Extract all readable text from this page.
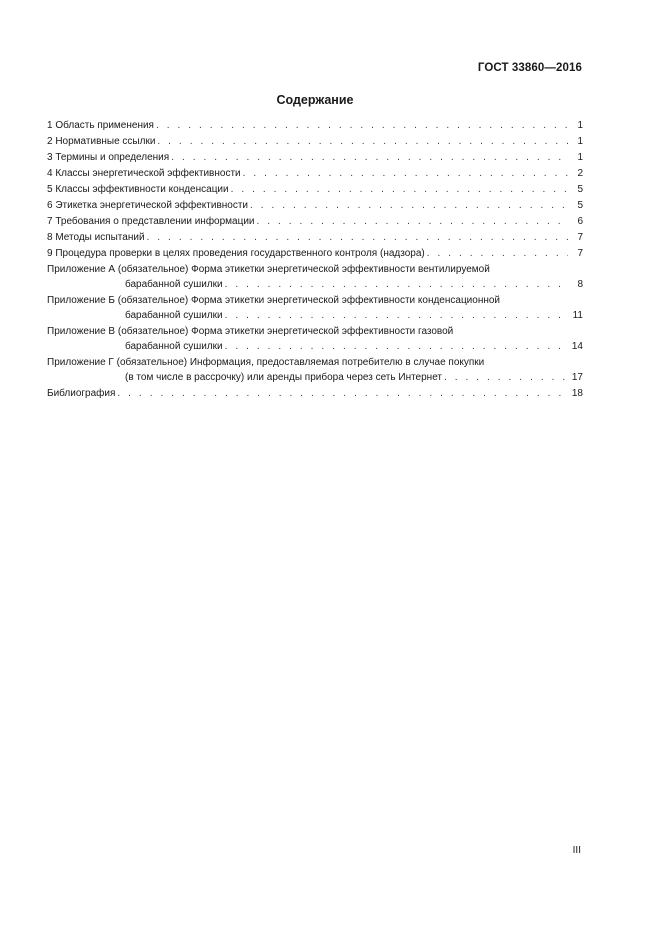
ГОСТ 33860—2016
Содержание
1 Область применения . . .	1
2 Нормативные ссылки . . .	1
3 Термины и определения . . .	1
4 Классы энергетической эффективности . . .	2
5 Классы эффективности конденсации . . .	5
6 Этикетка энергетической эффективности . . .	5
7 Требования о представлении информации . . .	6
8 Методы испытаний . . .	7
9 Процедура проверки в целях проведения государственного контроля (надзора) . . .	7
Приложение А (обязательное) Форма этикетки энергетической эффективности вентилируемой
барабанной сушилки . . .	8
Приложение Б (обязательное) Форма этикетки энергетической эффективности конденсационной
барабанной сушилки . . .	11
Приложение В (обязательное) Форма этикетки энергетической эффективности газовой
барабанной сушилки . . .	14
Приложение Г (обязательное) Информация, предоставляемая потребителю в случае покупки
(в том числе в рассрочку) или аренды прибора через сеть Интернет . . .	17
Библиография . . .	18
III
